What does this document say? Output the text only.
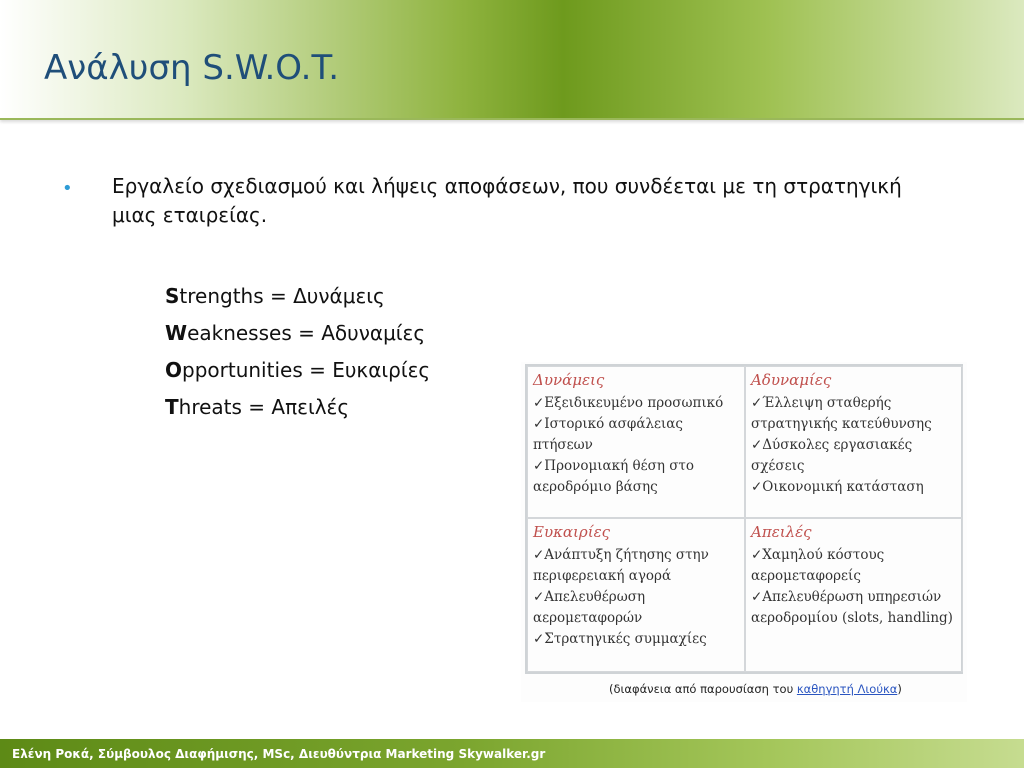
Ανάλυση S.W.O.T.
• Εργαλείο σχεδιασμού και λήψεις αποφάσεων, που συνδέεται με τη στρατηγική μιας εταιρείας.
Strengths = Δυνάμεις
Weaknesses = Αδυναμίες
Opportunities = Ευκαιρίες
Threats = Απειλές
Δυνάμεις
✓Εξειδικευμένο προσωπικό
✓Ιστορικό ασφάλειας πτήσεων
✓Προνομιακή θέση στο αεροδρόμιο βάσης
Αδυναμίες
✓Έλλειψη σταθερής στρατηγικής κατεύθυνσης
✓Δύσκολες εργασιακές σχέσεις
✓Οικονομική κατάσταση
Ευκαιρίες
✓Ανάπτυξη ζήτησης στην περιφερειακή αγορά
✓Απελευθέρωση αερομεταφορών
✓Στρατηγικές συμμαχίες
Απειλές
✓Χαμηλού κόστους αερομεταφορείς
✓Απελευθέρωση υπηρεσιών αεροδρομίου (slots, handling)
(διαφάνεια από παρουσίαση του καθηγητή Λιούκα)
Ελένη Ροκά, Σύμβουλος Διαφήμισης, MSc, Διευθύντρια Marketing Skywalker.gr
